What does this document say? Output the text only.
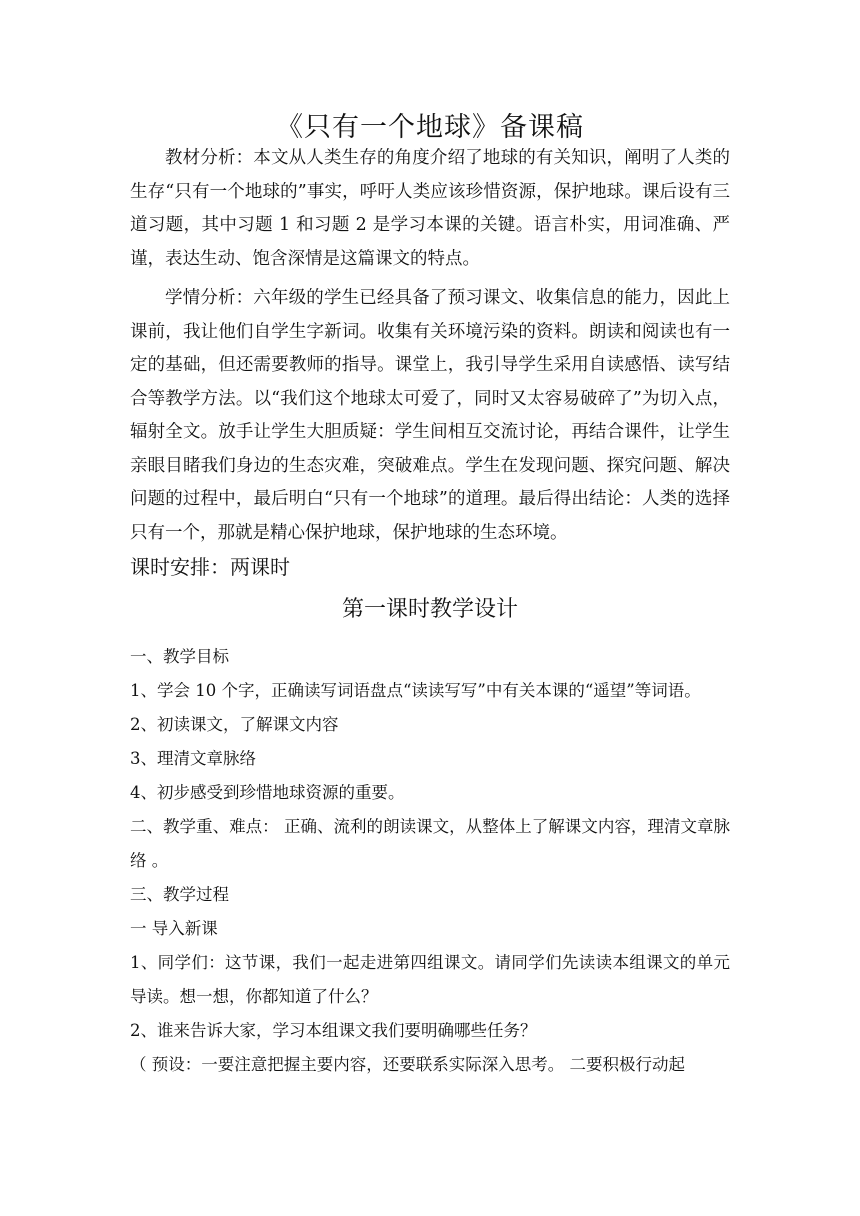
《只有一个地球》备课稿

教材分析：本文从人类生存的角度介绍了地球的有关知识，阐明了人类的生存“只有一个地球的”事实，呼吁人类应该珍惜资源，保护地球。课后设有三道习题，其中习题 1 和习题 2 是学习本课的关键。语言朴实，用词准确、严谨，表达生动、饱含深情是这篇课文的特点。

学情分析：六年级的学生已经具备了预习课文、收集信息的能力，因此上课前，我让他们自学生字新词。收集有关环境污染的资料。朗读和阅读也有一定的基础，但还需要教师的指导。课堂上，我引导学生采用自读感悟、读写结合等教学方法。以“我们这个地球太可爱了，同时又太容易破碎了”为切入点，辐射全文。放手让学生大胆质疑：学生间相互交流讨论，再结合课件，让学生亲眼目睹我们身边的生态灾难，突破难点。学生在发现问题、探究问题、解决问题的过程中，最后明白“只有一个地球”的道理。最后得出结论：人类的选择只有一个，那就是精心保护地球，保护地球的生态环境。

课时安排：两课时

第一课时教学设计

一、教学目标

1、学会 10 个字，正确读写词语盘点“读读写写”中有关本课的“遥望”等词语。

2、初读课文，了解课文内容

3、理清文章脉络

4、初步感受到珍惜地球资源的重要。

二、教学重、难点： 正确、流利的朗读课文，从整体上了解课文内容，理清文章脉络 。

三、教学过程

一 导入新课

1、同学们：这节课，我们一起走进第四组课文。请同学们先读读本组课文的单元导读。想一想，你都知道了什么？

2、谁来告诉大家，学习本组课文我们要明确哪些任务？

（ 预设：一要注意把握主要内容，还要联系实际深入思考。 二要积极行动起
